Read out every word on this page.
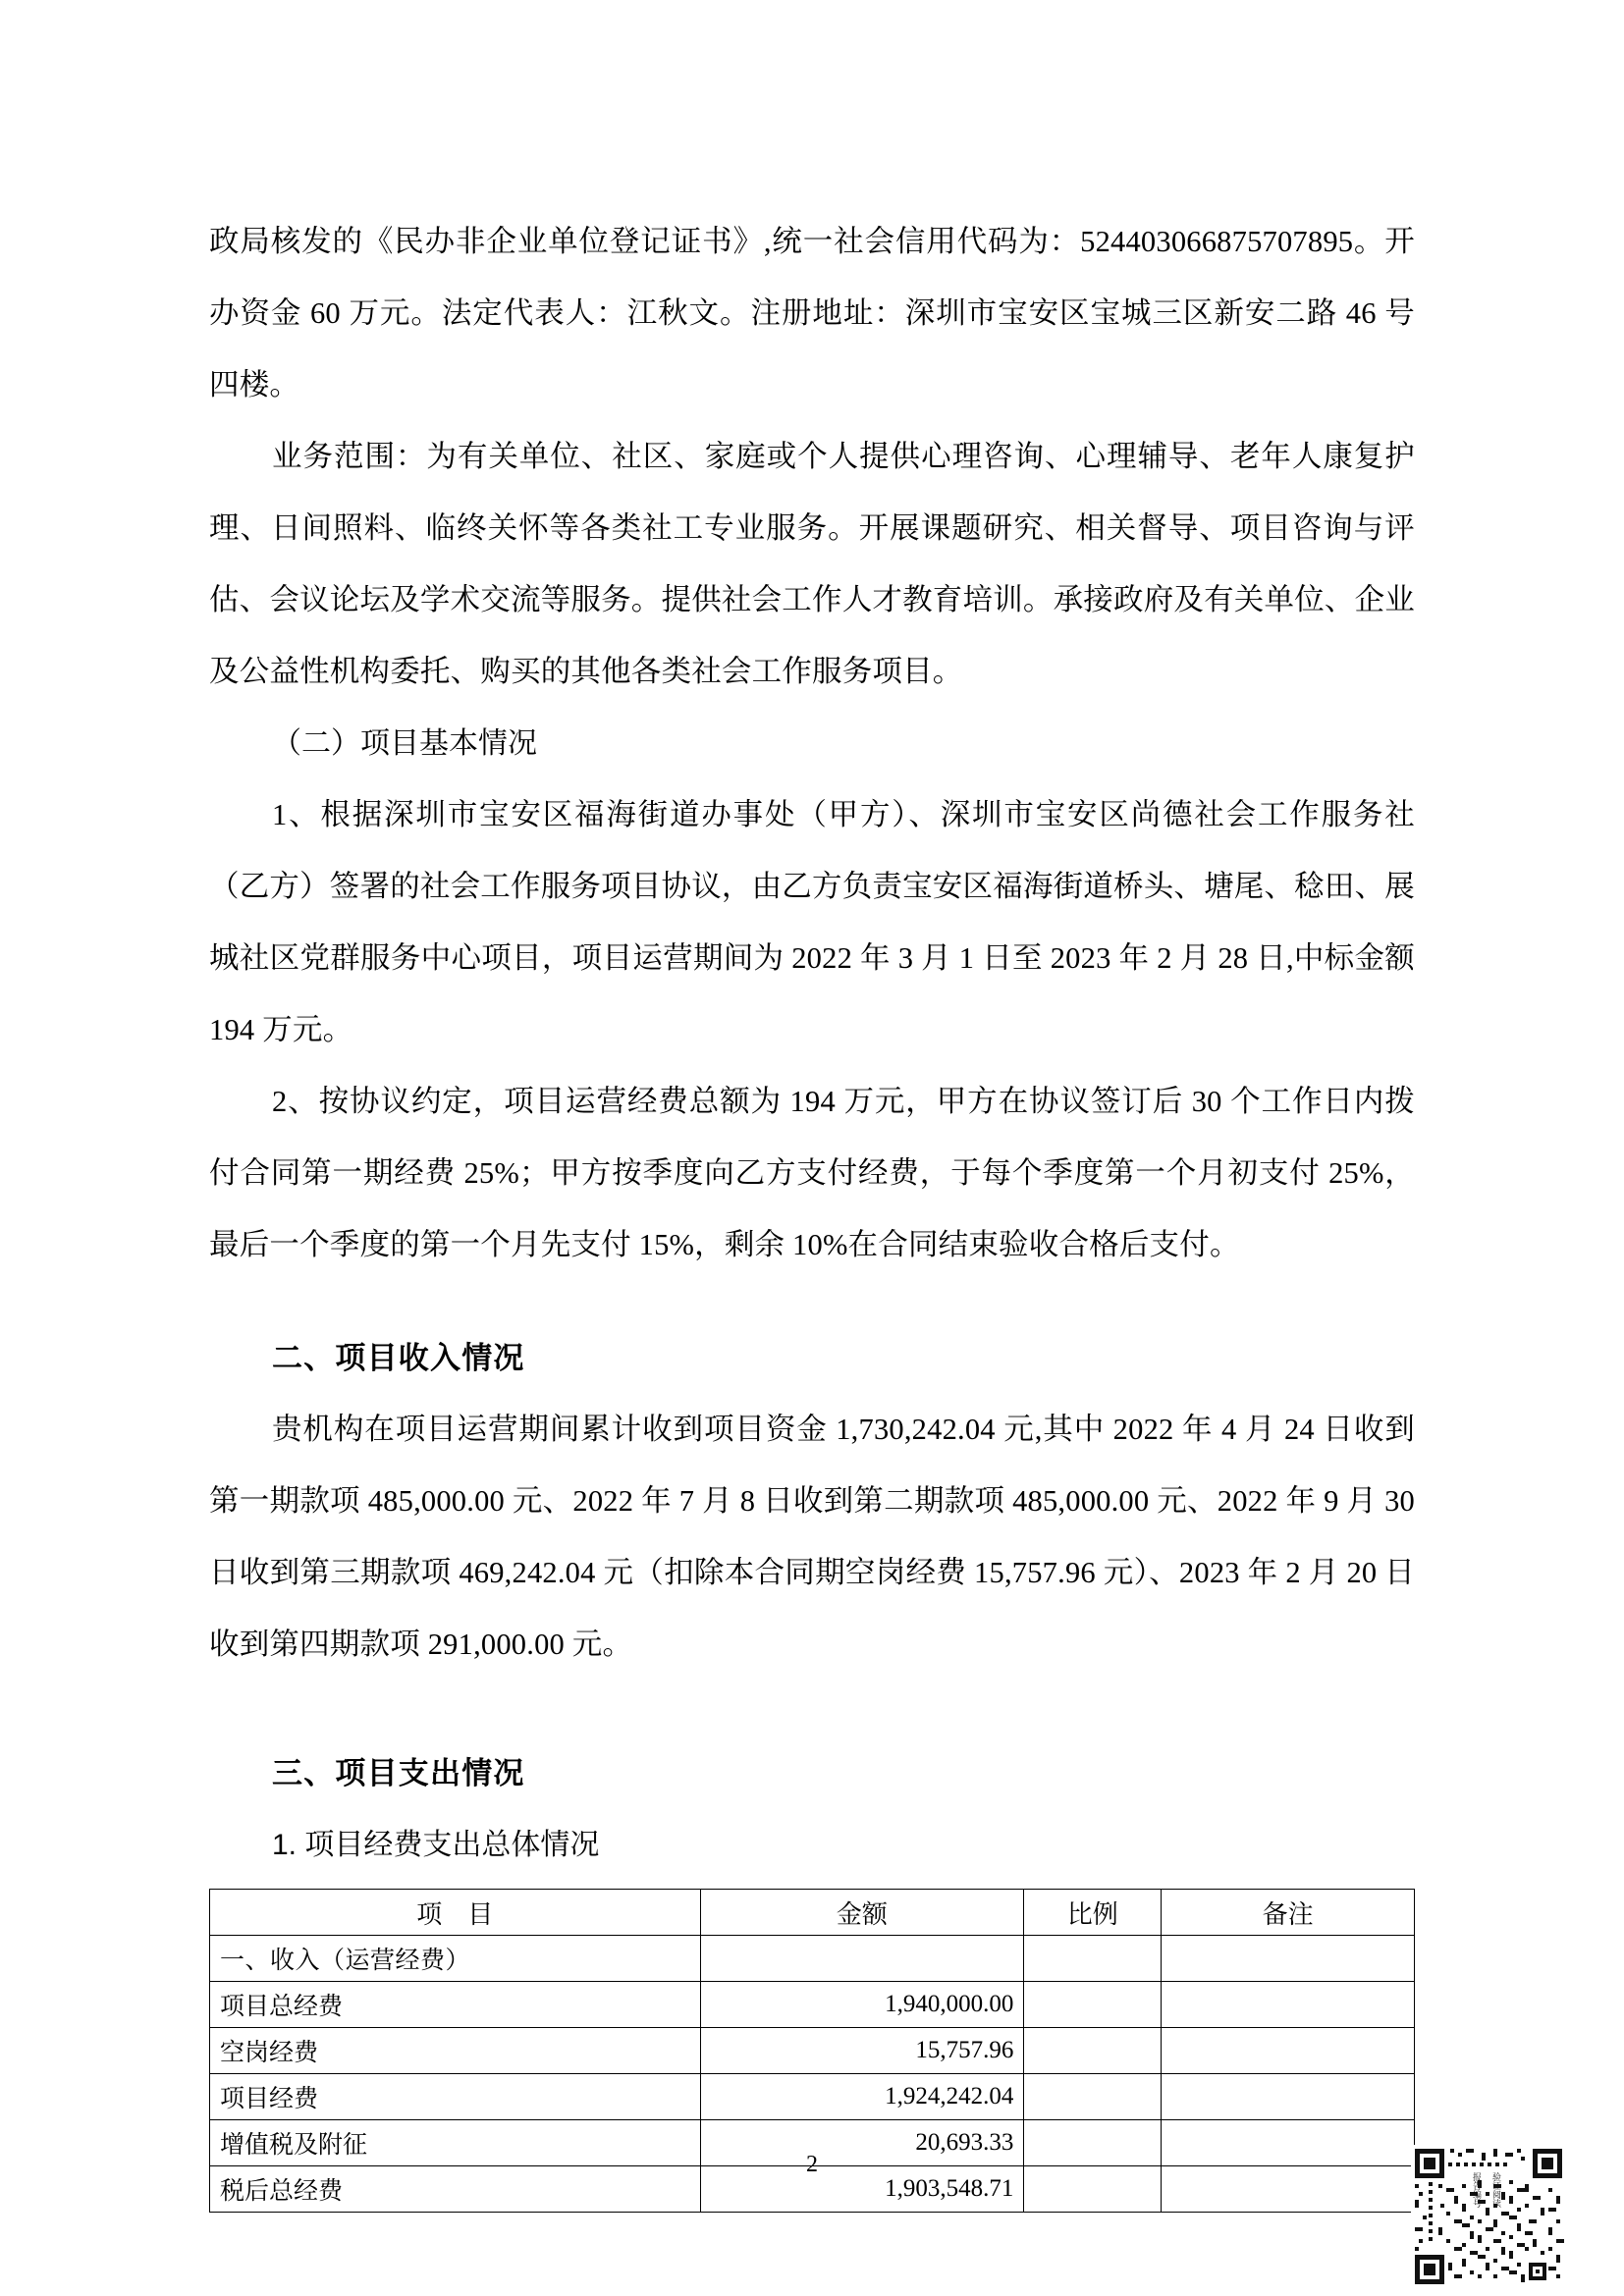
政局核发的《民办非企业单位登记证书》,统一社会信用代码为：524403066875707895。开办资金 60 万元。法定代表人：江秋文。注册地址：深圳市宝安区宝城三区新安二路 46 号四楼。

业务范围：为有关单位、社区、家庭或个人提供心理咨询、心理辅导、老年人康复护理、日间照料、临终关怀等各类社工专业服务。开展课题研究、相关督导、项目咨询与评估、会议论坛及学术交流等服务。提供社会工作人才教育培训。承接政府及有关单位、企业及公益性机构委托、购买的其他各类社会工作服务项目。

（二）项目基本情况

1、根据深圳市宝安区福海街道办事处（甲方）、深圳市宝安区尚德社会工作服务社（乙方）签署的社会工作服务项目协议，由乙方负责宝安区福海街道桥头、塘尾、稔田、展城社区党群服务中心项目，项目运营期间为 2022 年 3 月 1 日至 2023 年 2 月 28 日,中标金额 194 万元。

2、按协议约定，项目运营经费总额为 194 万元，甲方在协议签订后 30 个工作日内拨付合同第一期经费 25%；甲方按季度向乙方支付经费，于每个季度第一个月初支付 25%，最后一个季度的第一个月先支付 15%，剩余 10%在合同结束验收合格后支付。

二、项目收入情况

贵机构在项目运营期间累计收到项目资金 1,730,242.04 元,其中 2022 年 4 月 24 日收到第一期款项 485,000.00 元、2022 年 7 月 8 日收到第二期款项 485,000.00 元、2022 年 9 月 30 日收到第三期款项 469,242.04 元（扣除本合同期空岗经费 15,757.96 元）、2023 年 2 月 20 日收到第四期款项 291,000.00 元。

三、项目支出情况
1. 项目经费支出总体情况
项　目	金额	比例	备注
一、收入（运营经费）			
项目总经费	1,940,000.00		
空岗经费	15,757.96		
项目经费	1,924,242.04		
增值税及附征	20,693.33		
税后总经费	1,903,548.71		
2
报告编号	验证阅读
